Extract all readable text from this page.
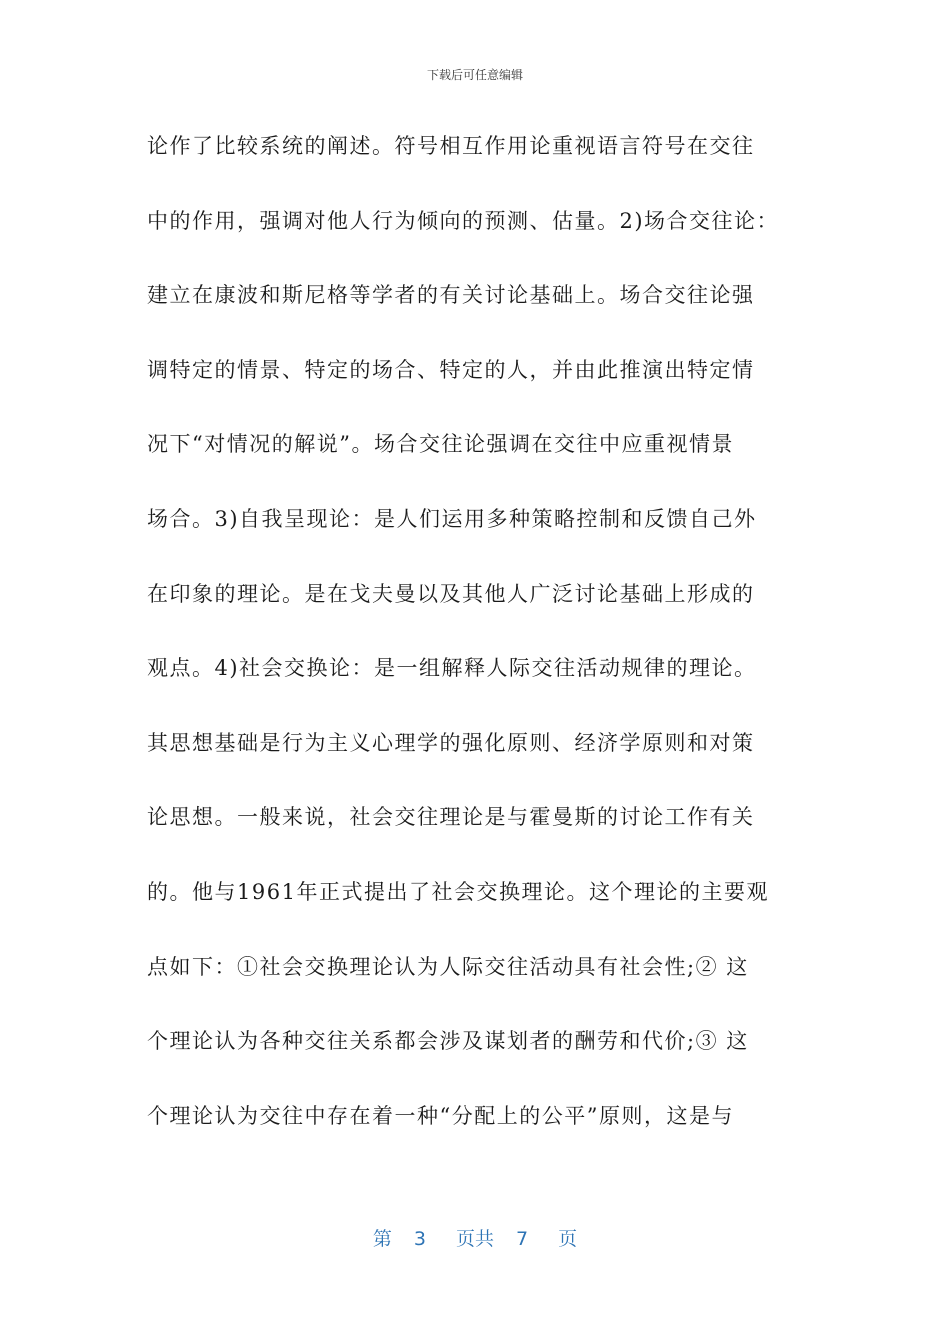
下载后可任意编辑
论作了比较系统的阐述。符号相互作用论重视语言符号在交往
中的作用，强调对他人行为倾向的预测、估量。2)场合交往论：
建立在康波和斯尼格等学者的有关讨论基础上。场合交往论强
调特定的情景、特定的场合、特定的人，并由此推演出特定情
况下“对情况的解说”。场合交往论强调在交往中应重视情景
场合。3)自我呈现论：是人们运用多种策略控制和反馈自己外
在印象的理论。是在戈夫曼以及其他人广泛讨论基础上形成的
观点。4)社会交换论：是一组解释人际交往活动规律的理论。
其思想基础是行为主义心理学的强化原则、经济学原则和对策
论思想。一般来说，社会交往理论是与霍曼斯的讨论工作有关
的。他与1961年正式提出了社会交换理论。这个理论的主要观
点如下：①社会交换理论认为人际交往活动具有社会性;② 这
个理论认为各种交往关系都会涉及谋划者的酬劳和代价;③ 这
个理论认为交往中存在着一种“分配上的公平”原则，这是与
第 3 页共 7 页
